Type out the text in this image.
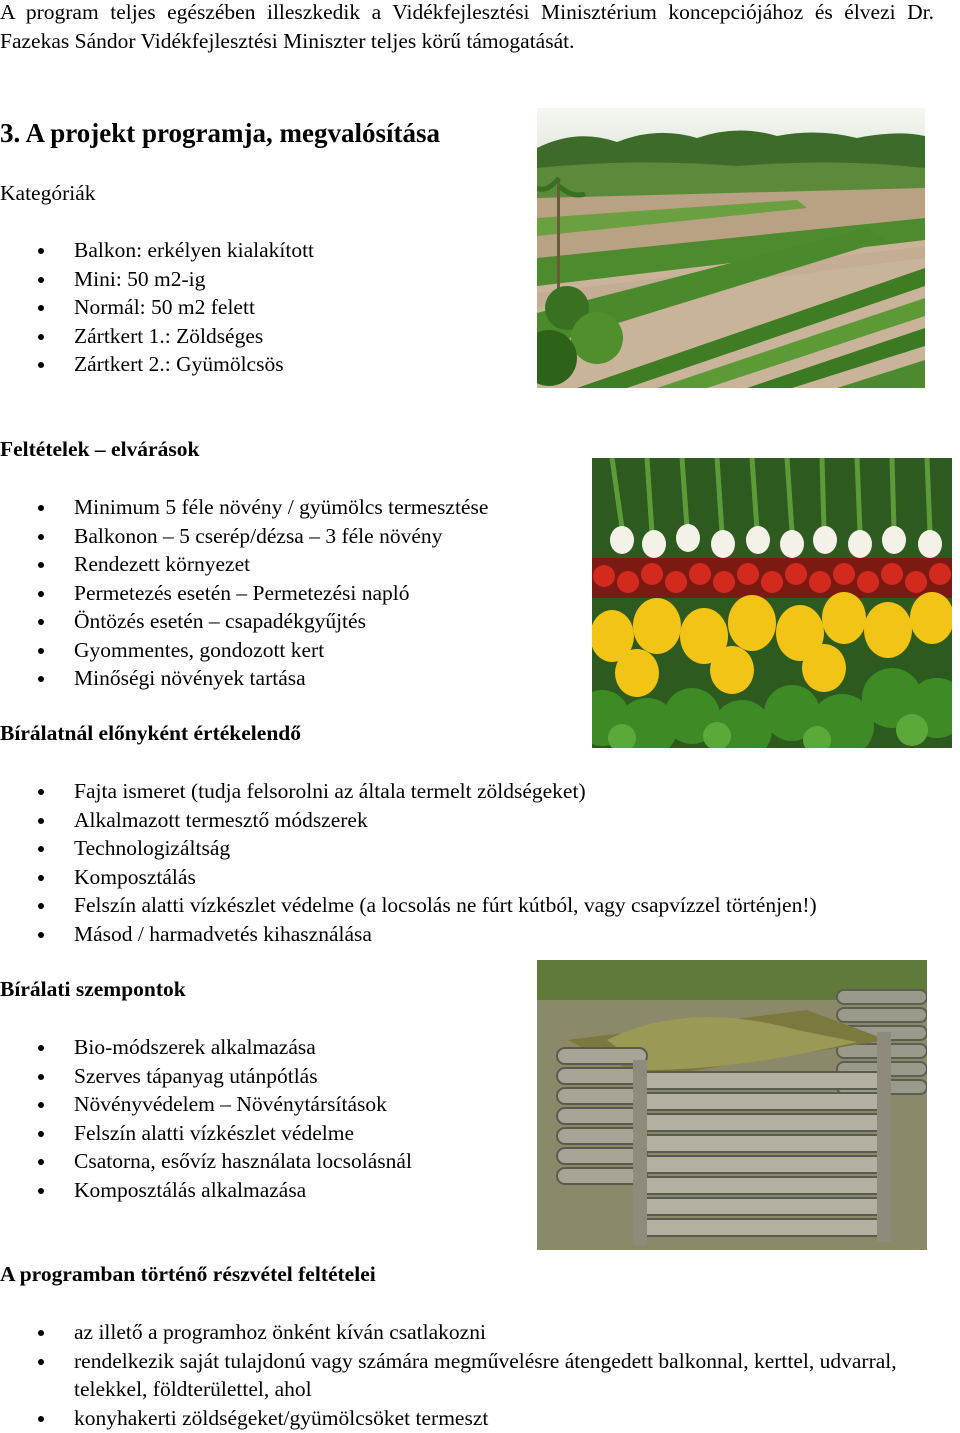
A program teljes egészében illeszkedik a Vidékfejlesztési Minisztérium koncepciójához és élvezi Dr. Fazekas Sándor Vidékfejlesztési Miniszter teljes körű támogatását.
3. A projekt programja, megvalósítása
Kategóriák
Balkon: erkélyen kialakított
Mini: 50 m2-ig
Normál: 50 m2 felett
Zártkert 1.: Zöldséges
Zártkert 2.: Gyümölcsös
Feltételek – elvárások
Minimum 5 féle növény / gyümölcs termesztése
Balkonon – 5 cserép/dézsa – 3 féle növény
Rendezett környezet
Permetezés esetén – Permetezési napló
Öntözés esetén – csapadékgyűjtés
Gyommentes, gondozott kert
Minőségi növények tartása
Bírálatnál előnyként értékelendő
Fajta ismeret (tudja felsorolni az általa termelt zöldségeket)
Alkalmazott termesztő módszerek
Technologizáltság
Komposztálás
Felszín alatti vízkészlet védelme (a locsolás ne fúrt kútból, vagy csapvízzel történjen!)
Másod / harmadvetés kihasználása
Bírálati szempontok
Bio-módszerek alkalmazása
Szerves tápanyag utánpótlás
Növényvédelem – Növénytársítások
Felszín alatti vízkészlet védelme
Csatorna, esővíz használata locsolásnál
Komposztálás alkalmazása
A programban történő részvétel feltételei
az illető a programhoz önként kíván csatlakozni
rendelkezik saját tulajdonú vagy számára megművelésre átengedett balkonnal, kerttel, udvarral, telekkel, földterülettel, ahol
konyhakerti zöldségeket/gyümölcsöket termeszt
